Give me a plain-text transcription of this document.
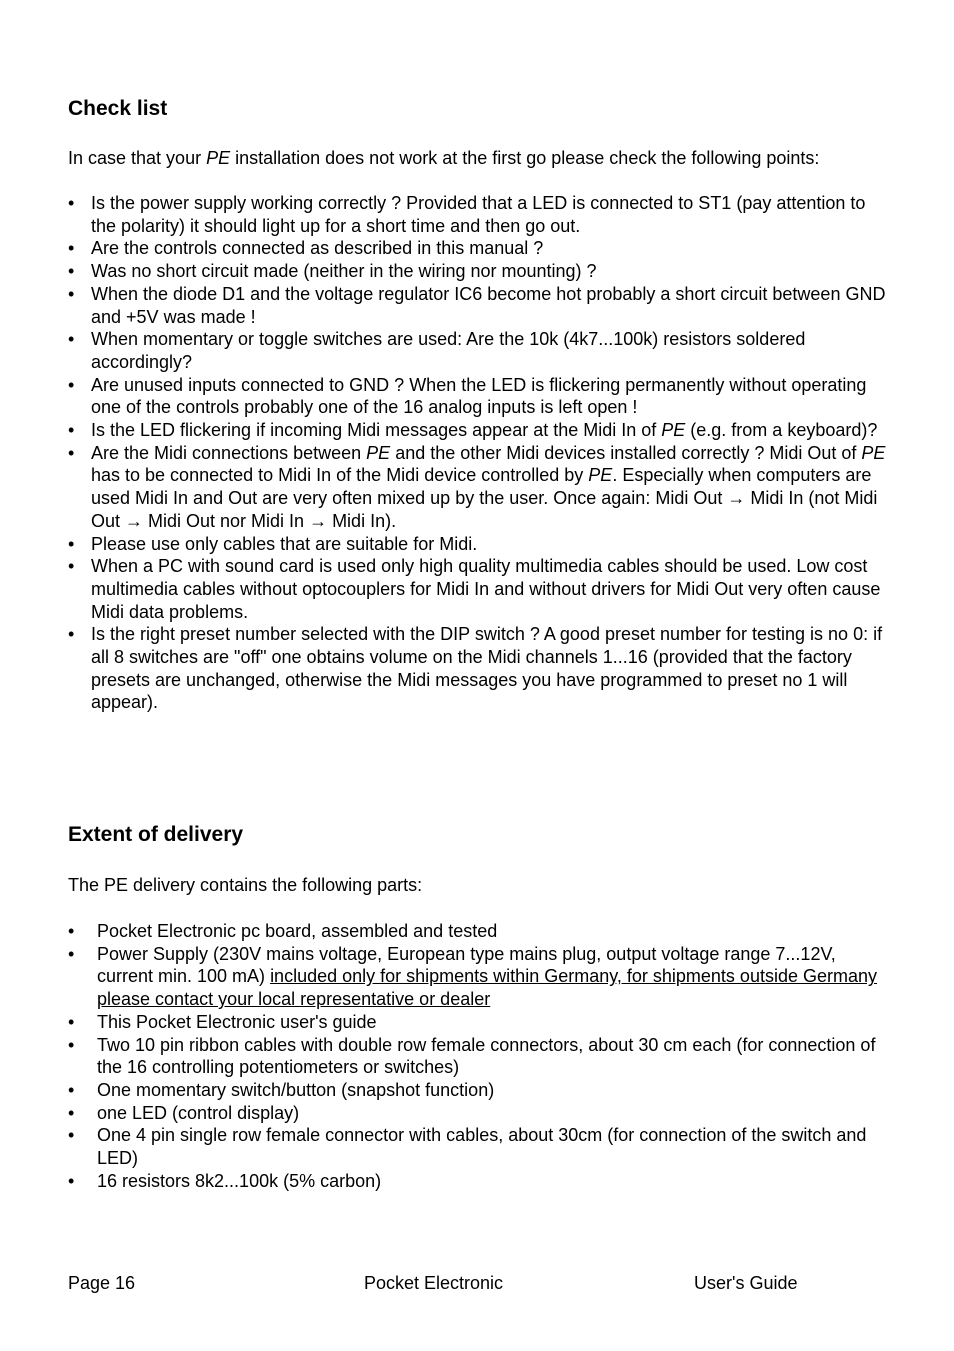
Check list

In case that your PE installation does not work at the first go please check the following points:

• Is the power supply working correctly ? Provided that a LED is connected to ST1 (pay attention to the polarity) it should light up for a short time and then go out.
• Are the controls connected as described in this manual ?
• Was no short circuit made (neither in the wiring nor mounting) ?
• When the diode D1 and the voltage regulator IC6 become hot probably a short circuit between GND and +5V was made !
• When momentary or toggle switches are used: Are the 10k (4k7...100k) resistors soldered accordingly?
• Are unused inputs connected to GND ? When the LED is flickering permanently without operating one of the controls probably one of the 16 analog inputs is left open !
• Is the LED flickering if incoming Midi messages appear at the Midi In of PE (e.g. from a keyboard)?
• Are the Midi connections between PE and the other Midi devices installed correctly ? Midi Out of PE has to be connected to Midi In of the Midi device controlled by PE. Especially when computers are used Midi In and Out are very often mixed up by the user. Once again: Midi Out → Midi In (not Midi Out → Midi Out nor Midi In → Midi In).
• Please use only cables that are suitable for Midi.
• When a PC with sound card is used only high quality multimedia cables should be used. Low cost multimedia cables without optocouplers for Midi In and without drivers for Midi Out very often cause Midi data problems.
• Is the right preset number selected with the DIP switch ? A good preset number for testing is no 0: if all 8 switches are "off" one obtains volume on the Midi channels 1...16 (provided that the factory presets are unchanged, otherwise the Midi messages you have programmed to preset no 1 will appear).
Extent of delivery

The PE delivery contains the following parts:

•	Pocket Electronic pc board, assembled and tested
•	Power Supply (230V mains voltage, European type mains plug, output voltage range 7...12V, current min. 100 mA) included only for shipments within Germany, for shipments outside Germany please contact your local representative or dealer
•	This Pocket Electronic user's guide
•	Two 10 pin ribbon cables with double row female connectors, about 30 cm each (for connection of the 16 controlling potentiometers or switches)
•	One momentary switch/button (snapshot function)
•	one LED (control display)
•	One 4 pin single row female connector with cables, about 30cm (for connection of the switch and LED)
•	16 resistors 8k2...100k (5% carbon)

Page 16	Pocket Electronic	User's Guide
